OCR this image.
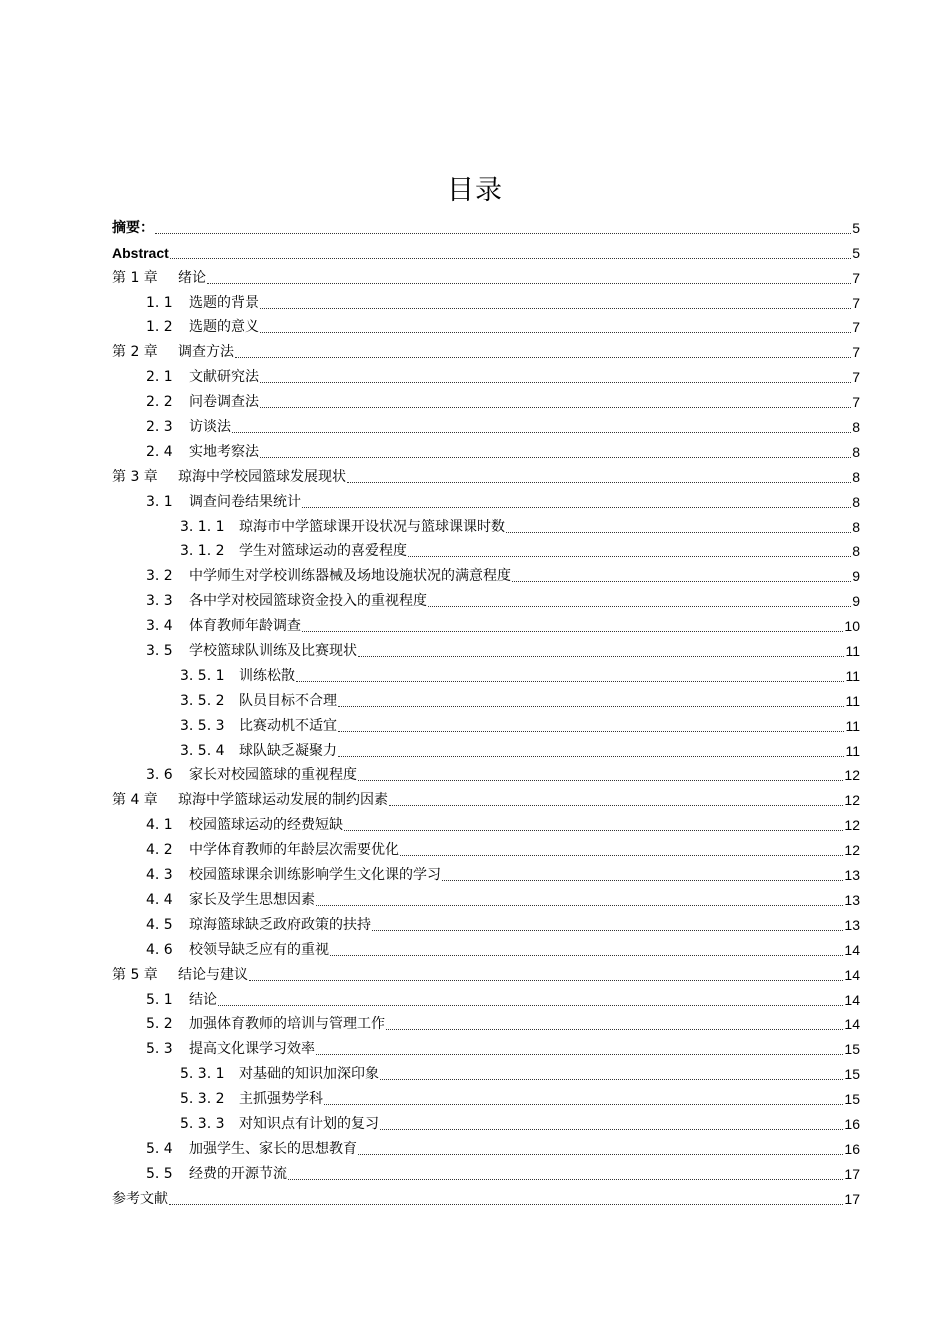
目录
摘要：	5
Abstract	5
第 1 章	绪论	7
1. 1	选题的背景	7
1. 2	选题的意义	7
第 2 章	调查方法	7
2. 1	文献研究法	7
2. 2	问卷调查法	7
2. 3	访谈法	8
2. 4	实地考察法	8
第 3 章	琼海中学校园篮球发展现状	8
3. 1	调查问卷结果统计	8
3. 1. 1	琼海市中学篮球课开设状况与篮球课课时数	8
3. 1. 2	学生对篮球运动的喜爱程度	8
3. 2	中学师生对学校训练器械及场地设施状况的满意程度	9
3. 3	各中学对校园篮球资金投入的重视程度	9
3. 4	体育教师年龄调查	10
3. 5	学校篮球队训练及比赛现状	11
3. 5. 1	训练松散	11
3. 5. 2	队员目标不合理	11
3. 5. 3	比赛动机不适宜	11
3. 5. 4	球队缺乏凝聚力	11
3. 6	家长对校园篮球的重视程度	12
第 4 章	琼海中学篮球运动发展的制约因素	12
4. 1	校园篮球运动的经费短缺	12
4. 2	中学体育教师的年龄层次需要优化	12
4. 3	校园篮球课余训练影响学生文化课的学习	13
4. 4	家长及学生思想因素	13
4. 5	琼海篮球缺乏政府政策的扶持	13
4. 6	校领导缺乏应有的重视	14
第 5 章	结论与建议	14
5. 1	结论	14
5. 2	加强体育教师的培训与管理工作	14
5. 3	提高文化课学习效率	15
5. 3. 1	对基础的知识加深印象	15
5. 3. 2	主抓强势学科	15
5. 3. 3	对知识点有计划的复习	16
5. 4	加强学生、家长的思想教育	16
5. 5	经费的开源节流	17
参考文献	17
